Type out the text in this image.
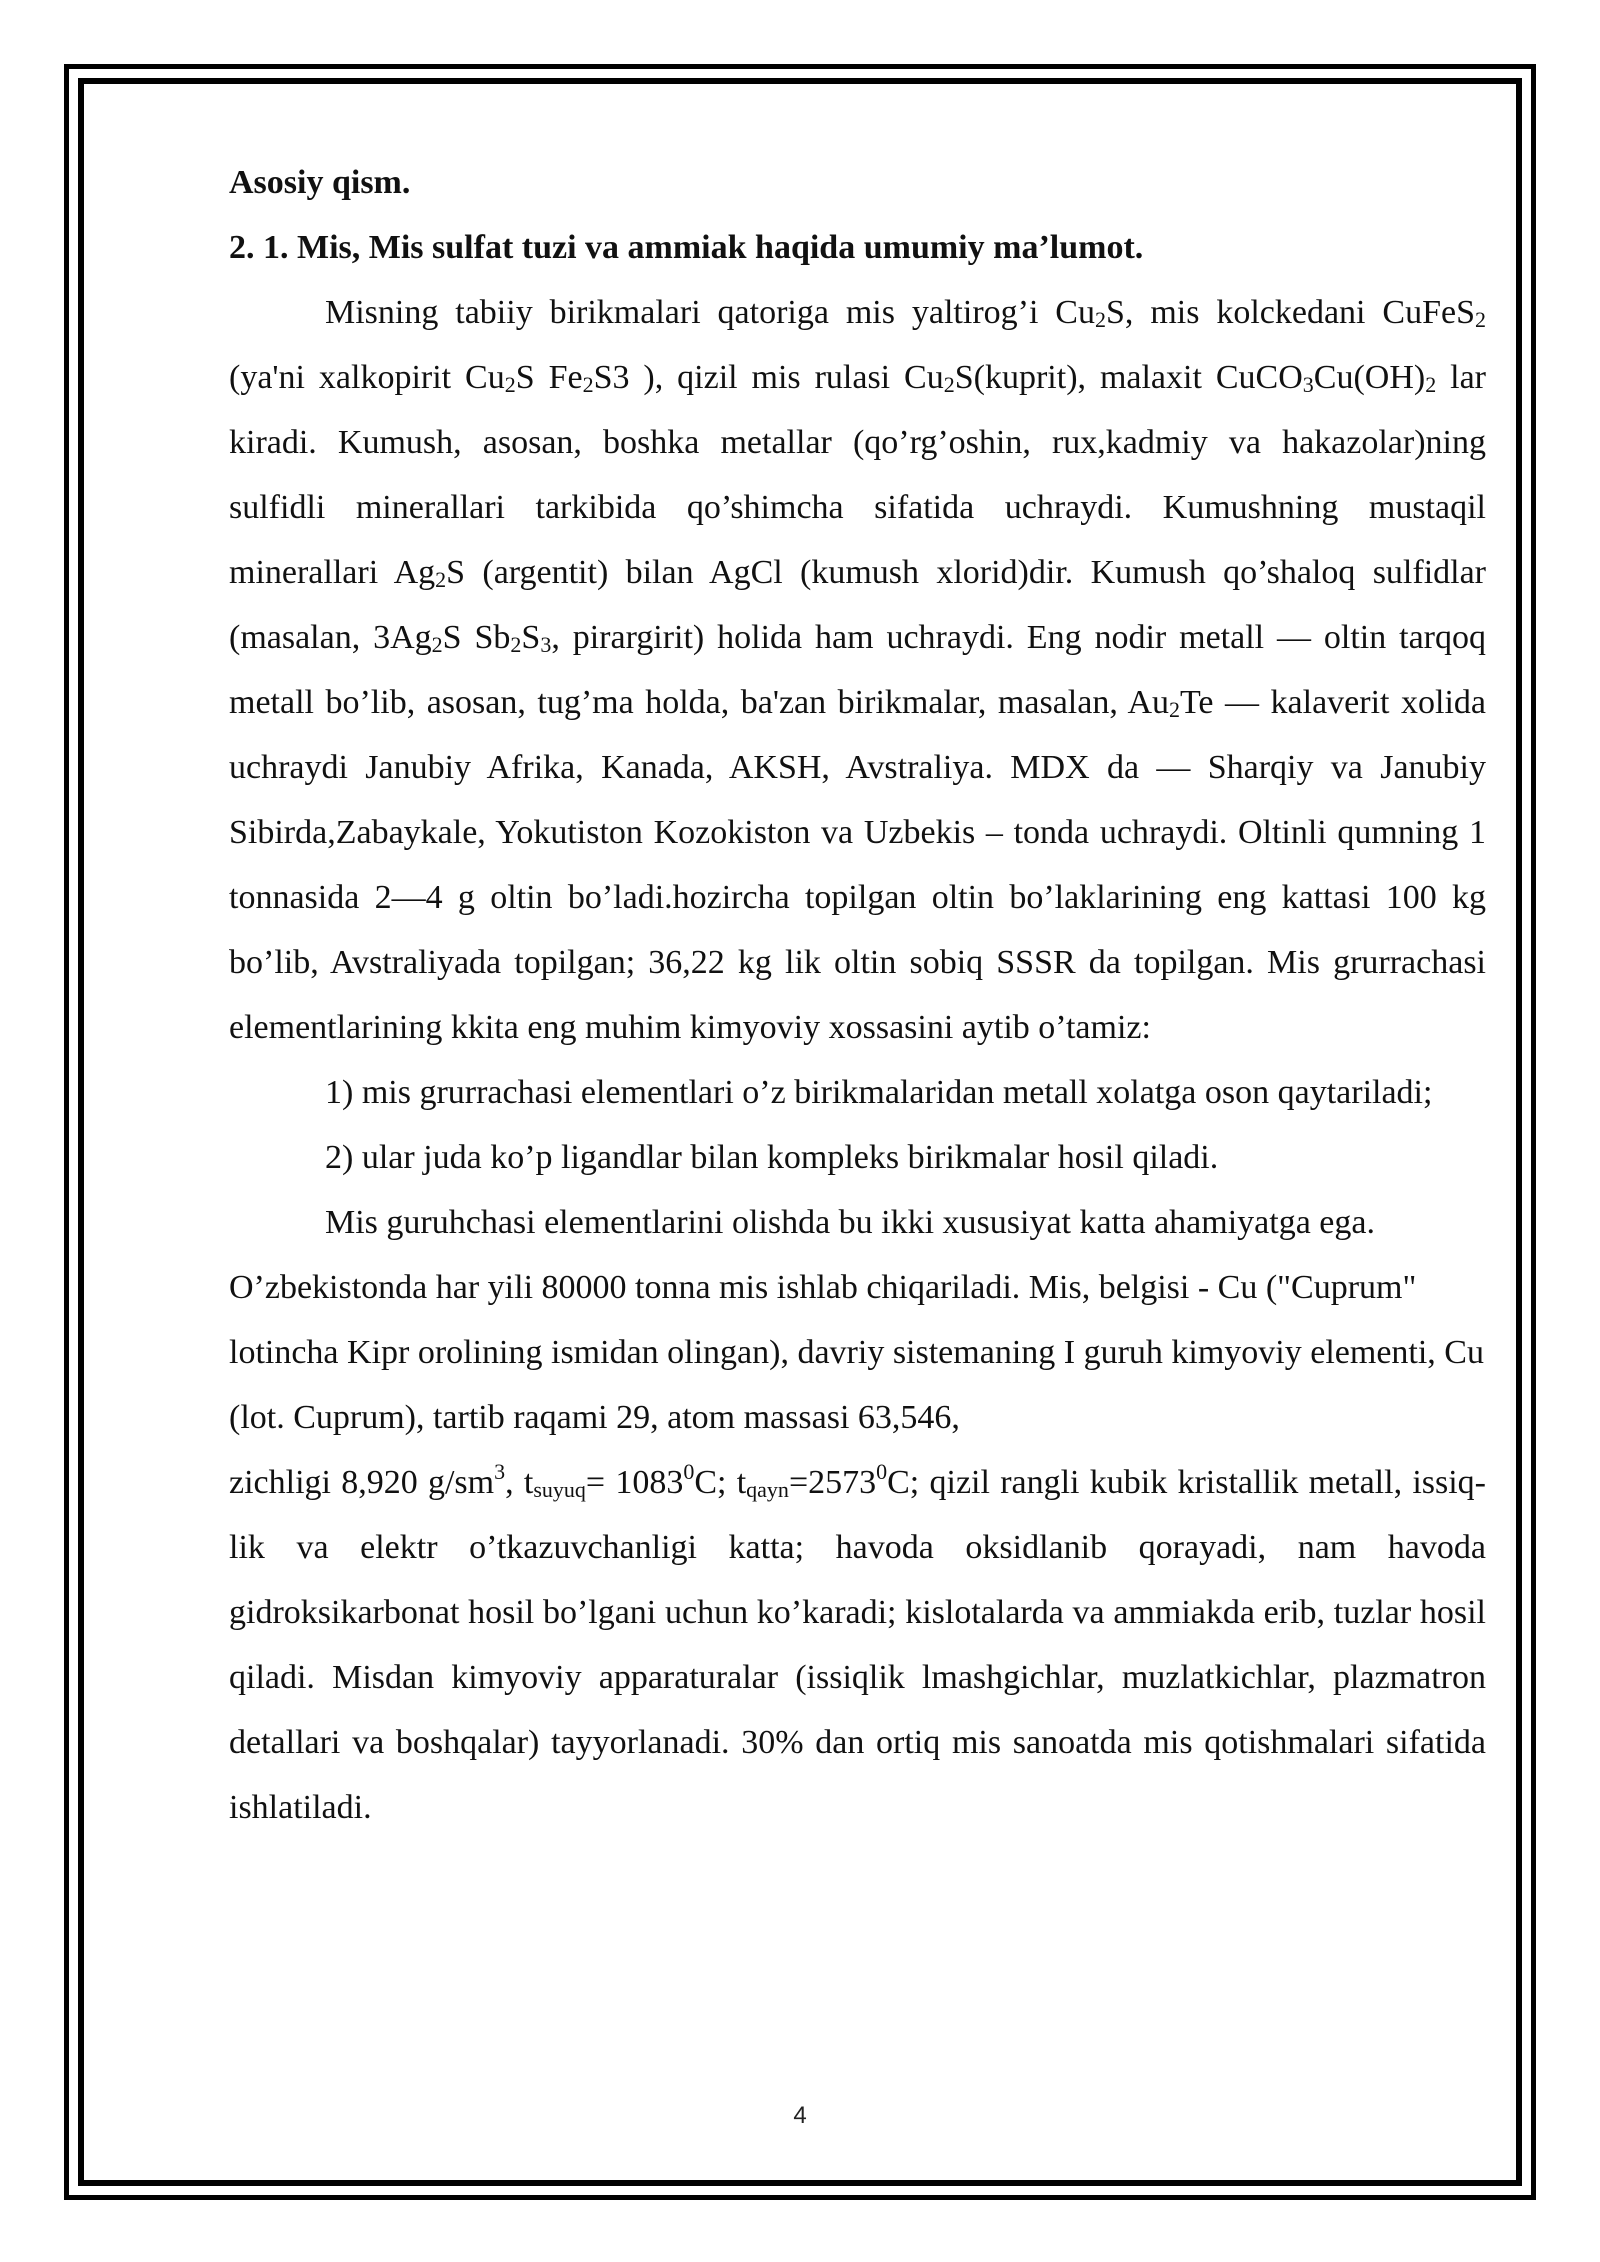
Asosiy qism.

2. 1. Mis, Mis sulfat tuzi va ammiak haqida umumiy ma’lumot.

Misning tabiiy birikmalari qatoriga mis yaltirog’i $Cu_2S$, mis kolckedani CuFeS$_2$ (ya'ni xalkopirit $Cu_2S$ $Fe_2S3$ ), qizil mis rulasi $Cu_2S(kuprit)$, malaxit $CuCO_3Cu(OH)_2$ lar kiradi. Kumush, asosan, boshka metallar (qo’rg’oshin, rux,kadmiy va hakazolar)ning sulfidli minerallari tarkibida qo’shimcha sifatida uchraydi. Kumushning mustaqil minerallari $Ag_2S$ (argentit) bilan AgCl (kumush xlorid)dir. Kumush qo’shaloq sulfidlar (masalan, $3Ag_2S$ $Sb_2S_3$, pirargirit) holida ham uchraydi. Eng nodir metall — oltin tarqoq metall bo’lib, asosan, tug’ma holda, ba'zan birikmalar, masalan, $Au_2Te$ — kalaverit xolida uchraydi Janubiy Afrika, Kanada, AKSH, Avstraliya. MDX da — Sharqiy va Janubiy Sibirda,Zabaykale, Yokutiston Kozokiston va Uzbekis – tonda uchraydi. Oltinli qumning 1 tonnasida 2—4 g oltin bo’ladi.hozircha topilgan oltin bo’laklarining eng kattasi 100 kg bo’lib, Avstraliyada topilgan; 36,22 kg lik oltin sobiq SSSR da topilgan. Mis grurrachasi elementlarining kkita eng muhim kimyoviy xossasini aytib o’tamiz:

1) mis grurrachasi elementlari o’z birikmalaridan metall xolatga oson qaytariladi;

2) ular juda ko’p ligandlar bilan kompleks birikmalar hosil qiladi.

Mis guruhchasi elementlarini olishda bu ikki xususiyat katta ahamiyatga ega. O’zbekistonda har yili 80000 tonna mis ishlab chiqariladi. Mis, belgisi - Cu ("Cuprum" lotincha Kipr orolining ismidan olingan), davriy sistemaning I guruh kimyoviy elementi, Cu (lot. Cuprum), tartib raqami 29, atom massasi 63,546,

zichligi 8,920 $g/sm^3$, $t_{suyuq}= 1083^0C$; $t_{qayn}=2573^0C$; qizil rangli kubik kristallik metall, issiq- lik va elektr o’tkazuvchanligi katta; havoda oksidlanib qorayadi, nam havoda gidroksikarbonat hosil bo’lgani uchun ko’karadi; kislotalarda va ammiakda erib, tuzlar hosil qiladi. Misdan kimyoviy apparaturalar (issiqlik lmashgichlar, muzlatkichlar, plazmatron detallari va boshqalar) tayyorlanadi. 30% dan ortiq mis sanoatda mis qotishmalari sifatida ishlatiladi.

4
